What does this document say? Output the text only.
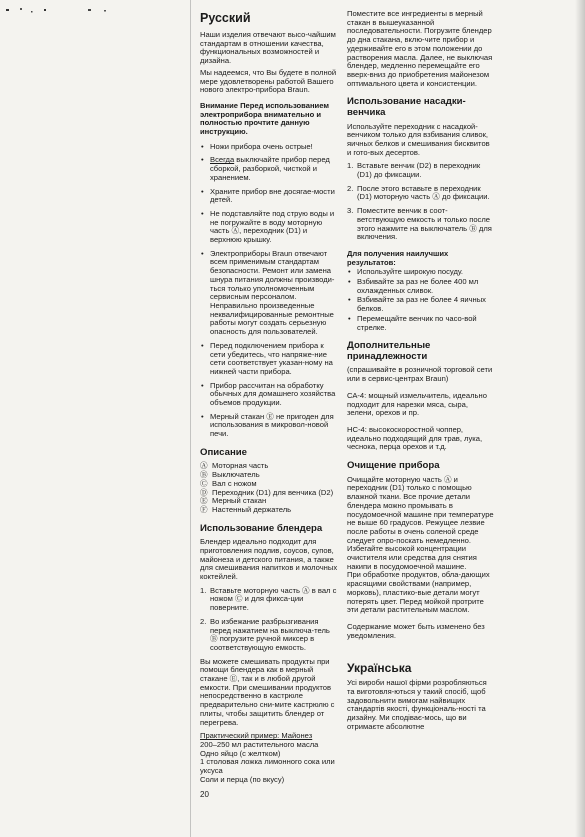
Русский

Наши изделия отвечают высо-чайшим стандартам в отношении качества, функциональных возможностей и дизайна.

Мы надеемся, что Вы будете в полной мере удовлетворены работой Вашего нового электро-прибора Braun.

Внимание Перед использованием электроприбора внимательно и полностью прочтите данную инструкцию.

• Ножи прибора очень острые!
• Всегда выключайте прибор перед сборкой, разборкой, чисткой и хранением.
• Храните прибор вне досягае-мости детей.
• Не подставляйте под струю воды и не погружайте в воду моторную часть Ⓐ, переходник (D1) и верхнюю крышку.
• Электроприборы Braun отвечают всем применимым стандартам безопасности. Ремонт или замена шнура питания должны производи-ться только уполномоченным сервисным персоналом. Неправильно произведенные неквалифицированные ремонтные работы могут создать серьезную опасность для пользователей.
• Перед подключением прибора к сети убедитесь, что напряже-ние сети соответствует указан-ному на нижней части прибора.
• Прибор рассчитан на обработку обычных для домашнего хозяйства объемов продукции.
• Мерный стакан Ⓔ не пригоден для использования в микровол-новой печи.
Описание
Ⓐ Моторная часть
Ⓑ Выключатель
Ⓒ Вал с ножом
Ⓓ Переходник (D1) для венчика (D2)
Ⓔ Мерный стакан
Ⓕ Настенный держатель
Использование блендера

Блендер идеально подходит для приготовления подлив, соусов, супов, майонеза и детского питания, а также для смешивания напитков и молочных коктейлей.

1. Вставьте моторную часть Ⓐ в вал с ножом Ⓒ и для фикса-ции поверните.
2. Во избежание разбрызгивания перед нажатием на выключа-тель Ⓑ погрузите ручной миксер в соответствующую емкость.

Вы можете смешивать продукты при помощи блендера как в мерный стакане Ⓔ, так и в любой другой емкости. При смешивании продуктов непосредственно в кастрюле предварительно сни-мите кастрюлю с плиты, чтобы защитить блендер от перегрева.

Практический пример: Майонез

200–250 мл растительного масла

Одно яйцо (с желтком)

1 столовая ложка лимонного сока или уксуса

Соли и перца (по вкусу)

20

Поместите все ингредиенты в мерный стакан в вышеуказанной последовательности. Погрузите блендер до дна стакана, вклю-чите прибор и удерживайте его в этом положении до растворения масла. Далее, не выключая блендер, медленно перемещайте его вверх-вниз до приобретения майонезом оптимального цвета и консистенции.

Использование насадки-венчика

Используйте переходник с насадкой-венчиком только для взбивания сливок, яичных белков и смешивания бисквитов и гото-вых десертов.

1. Вставьте венчик (D2) в переходник (D1) до фиксации.
2. После этого вставьте в переходник (D1) моторную часть Ⓐ до фиксации.
3. Поместите венчик в соот-ветствующую емкость и только после этого нажмите на выключатель Ⓑ для включения.

Для получения наилучших результатов:

• Используйте широкую посуду.
• Взбивайте за раз не более 400 мл охлажденных сливок.
• Взбивайте за раз не более 4 яичных белков.
• Перемещайте венчик по часо-вой стрелке.
Дополнительные принадлежности

(спрашивайте в розничной торговой сети или в сервис-центрах Braun)

СА-4: мощный измельчитель, идеально подходит для нарезки мяса, сыра, зелени, орехов и пр.

НС-4: высокоскоростной чоппер, идеально подходящий для трав, лука, чеснока, перца орехов и т.д.

Очищение прибора

Очищайте моторную часть Ⓐ и переходник (D1) только с помощью влажной ткани. Все прочие детали блендера можно промывать в посудомоечной машине при температуре не выше 60 градусов. Режущее лезвие после работы в очень соленой среде следует опро-поскать немедленно. Избегайте высокой концентрации очистителя или средства для снятия накипи в посудомоечной машине.

При обработке продуктов, обла-дающих красящими свойствами (например, морковь), пластико-вые детали могут потерять цвет. Перед мойкой протрите эти детали растительным маслом.

Содержание может быть изменено без уведомления.

Українська

Усі вироби нашої фірми розробляються та виготовля-ються у такий спосіб, щоб задовольнити вимогам найвищих стандартів якості, функціональ-ності та дизайну. Ми сподіває-мось, що ви отримаєте абсолютне
